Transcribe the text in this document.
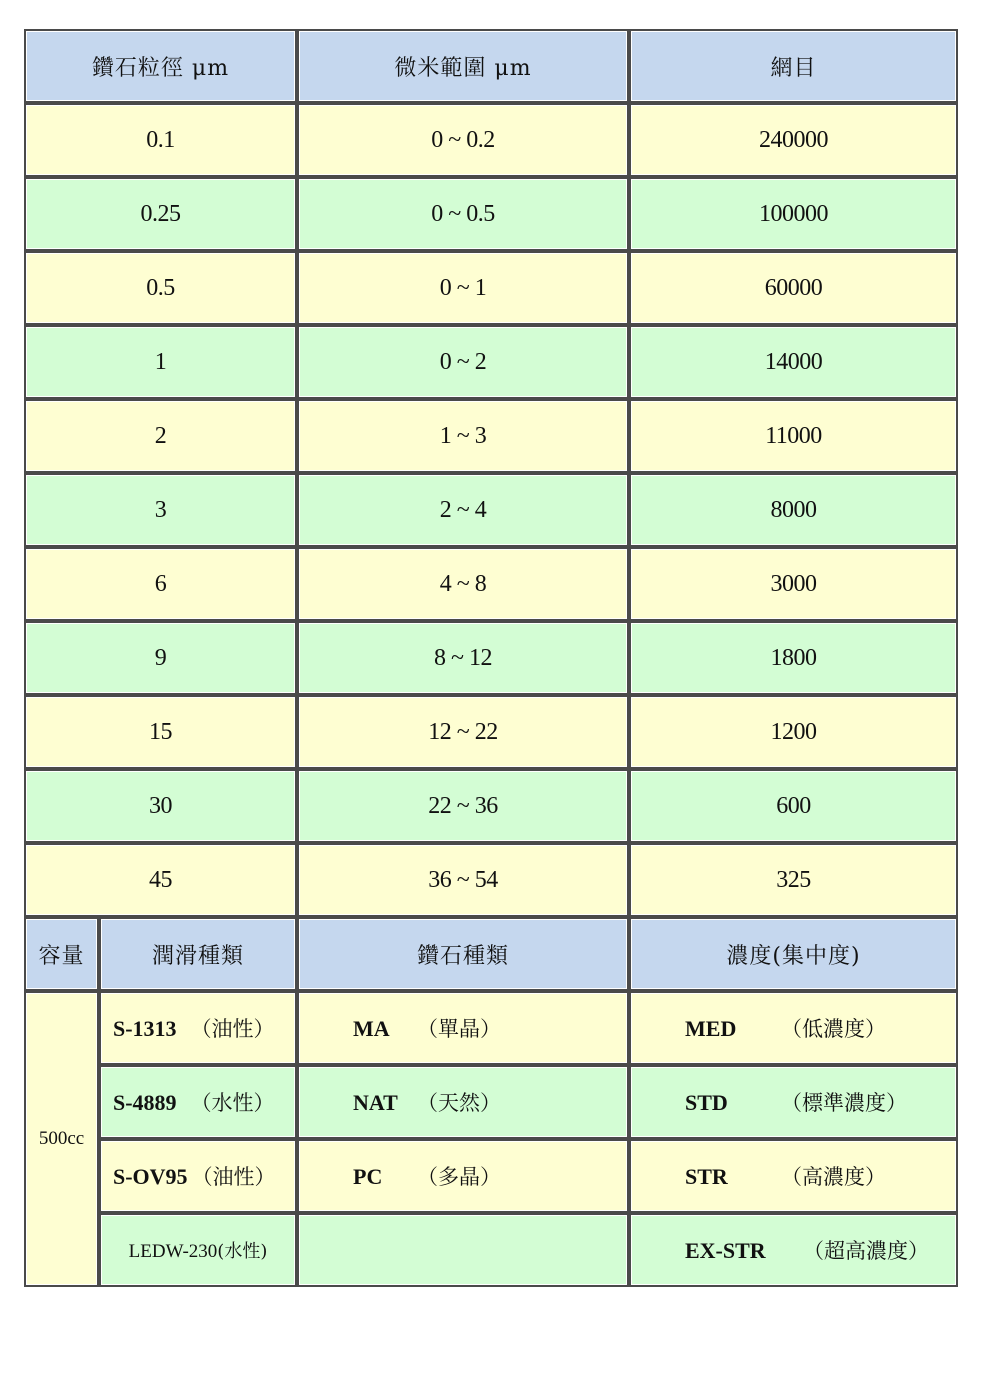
鑽石粒徑 μm		微米範圍 μm	網目
0.1		0 ~ 0.2	240000
0.25		0 ~ 0.5	100000
0.5		0 ~ 1	60000
1		0 ~ 2	14000
2		1 ~ 3	11000
3		2 ~ 4	8000
6		4 ~ 8	3000
9		8 ~ 12	1800
15		12 ~ 22	1200
30		22 ~ 36	600
45		36 ~ 54	325
容量	潤滑種類	鑽石種類	濃度(集中度)
500cc	S-1313 （油性）	MA （單晶）	MED （低濃度）
	S-4889 （水性）	NAT （天然）	STD （標準濃度）
	S-OV95 （油性）	PC （多晶）	STR （高濃度）
	LEDW-230(水性)		EX-STR （超高濃度）
